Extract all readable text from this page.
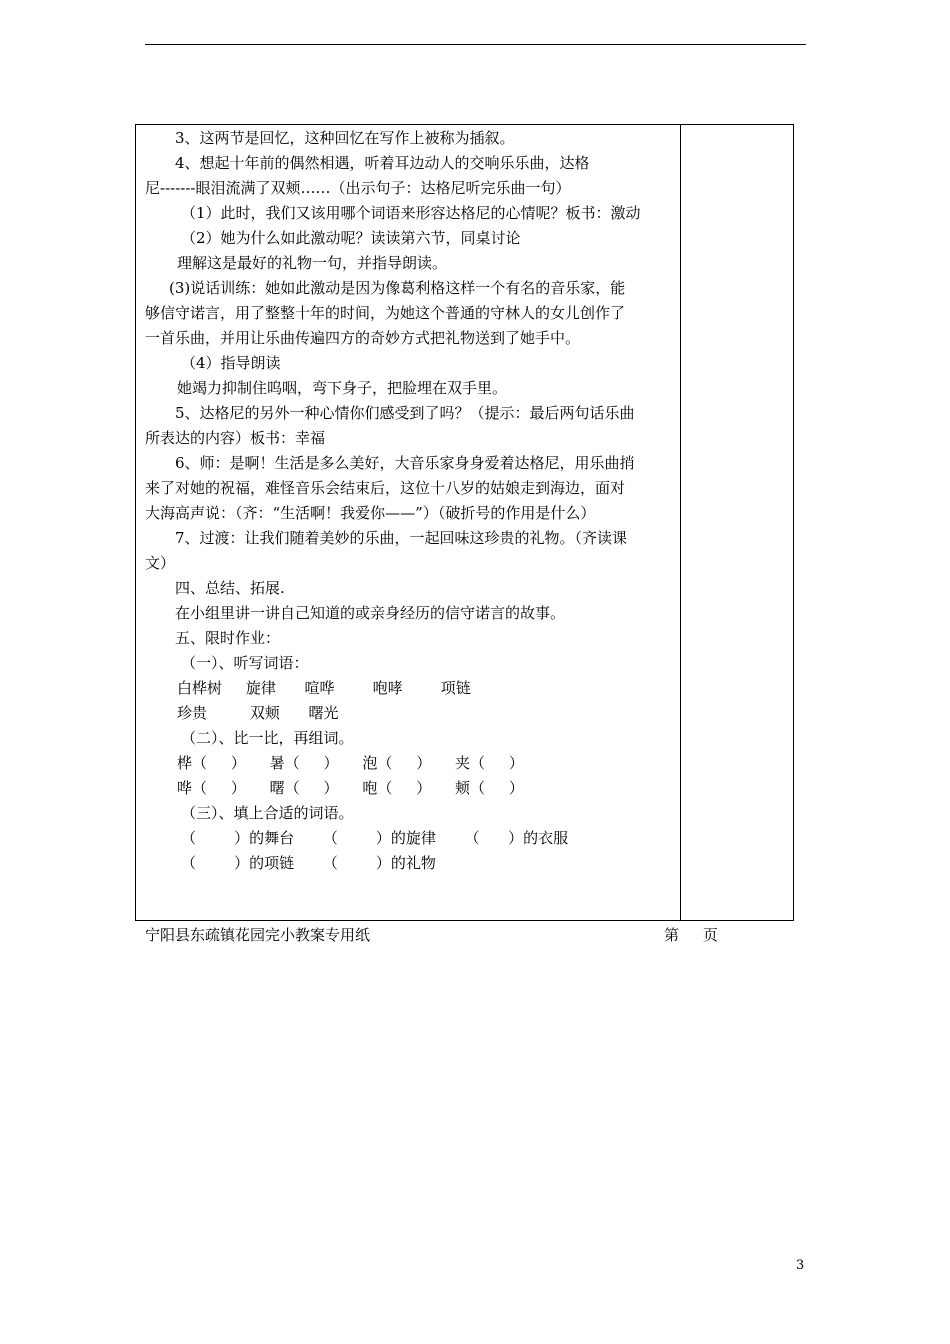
3、这两节是回忆，这种回忆在写作上被称为插叙。

4、想起十年前的偶然相遇，听着耳边动人的交响乐乐曲，达格

尼-------眼泪流满了双颊……（出示句子：达格尼听完乐曲一句）

（1）此时，我们又该用哪个词语来形容达格尼的心情呢？板书：激动

（2）她为什么如此激动呢？读读第六节，同桌讨论

理解这是最好的礼物一句，并指导朗读。

(3)说话训练：她如此激动是因为像葛利格这样一个有名的音乐家，能

够信守诺言，用了整整十年的时间，为她这个普通的守林人的女儿创作了

一首乐曲，并用让乐曲传遍四方的奇妙方式把礼物送到了她手中。

（4）指导朗读

她竭力抑制住呜咽，弯下身子，把脸埋在双手里。

5、达格尼的另外一种心情你们感受到了吗？（提示：最后两句话乐曲

所表达的内容）板书：幸福

6、师：是啊！生活是多么美好，大音乐家身身爱着达格尼，用乐曲捎

来了对她的祝福，难怪音乐会结束后，这位十八岁的姑娘走到海边，面对

大海高声说：（齐：“生活啊！我爱你——”）（破折号的作用是什么）

7、过渡：让我们随着美妙的乐曲，一起回味这珍贵的礼物。（齐读课

文）

四、总结、拓展.

在小组里讲一讲自己知道的或亲身经历的信守诺言的故事。

五、限时作业：

（一）、听写词语：

白桦树     旋律      喧哗        咆哮        项链

珍贵         双颊      曙光

（二）、比一比，再组词。

桦（     ）     暑（     ）     泡（     ）     夹（     ）

哗（     ）     曙（     ）     咆（     ）     颊（     ）

（三）、填上合适的词语。

（        ）的舞台      （        ）的旋律      （      ）的衣服

（        ）的项链      （        ）的礼物

宁阳县东疏镇花园完小教案专用纸	第     页
3
